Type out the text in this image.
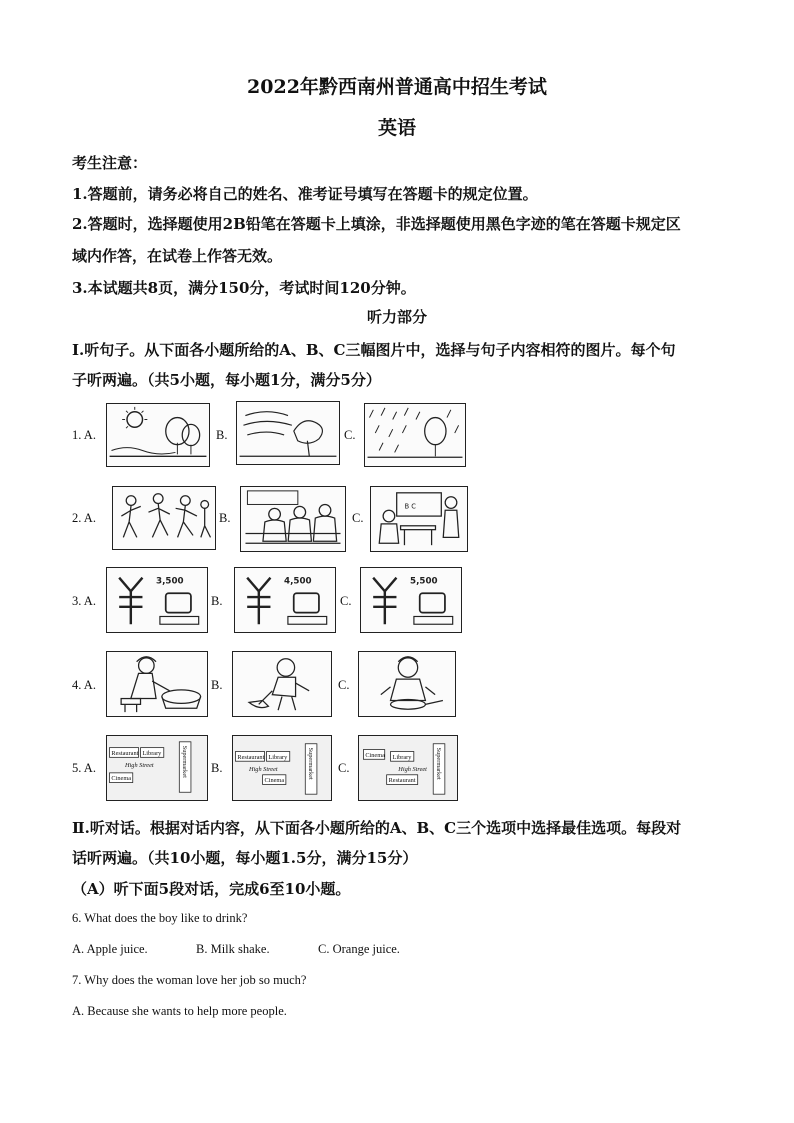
2022年黔西南州普通高中招生考试
英语
考生注意：
1.答题前，请务必将自己的姓名、准考证号填写在答题卡的规定位置。
2.答题时，选择题使用2B铅笔在答题卡上填涂，非选择题使用黑色字迹的笔在答题卡规定区
域内作答，在试卷上作答无效。
3.本试题共8页，满分150分，考试时间120分钟。
听力部分
Ⅰ.听句子。从下面各小题所给的A、B、C三幅图片中，选择与句子内容相符的图片。每个句
子听两遍。（共5小题，每小题1分，满分5分）
1. A.	B.	C.
2. A.	B.	C.
B C
3. A.
3,500
B.
4,500
C.
5,500
4. A.	B.	C.
5. A.
Restaurant Library
High Street
Cinema
Supermarket B.
Restaurant Library
High Street
Cinema
Supermarket C.
Cinema Library
High Street
Restaurant
Supermarket
Ⅱ.听对话。根据对话内容，从下面各小题所给的A、B、C三个选项中选择最佳选项。每段对
话听两遍。（共10小题，每小题1.5分，满分15分）
（A）听下面5段对话，完成6至10小题。
6. What does the boy like to drink?
A. Apple juice.	B. Milk shake.	C. Orange juice.
7. Why does the woman love her job so much?
A. Because she wants to help more people.
